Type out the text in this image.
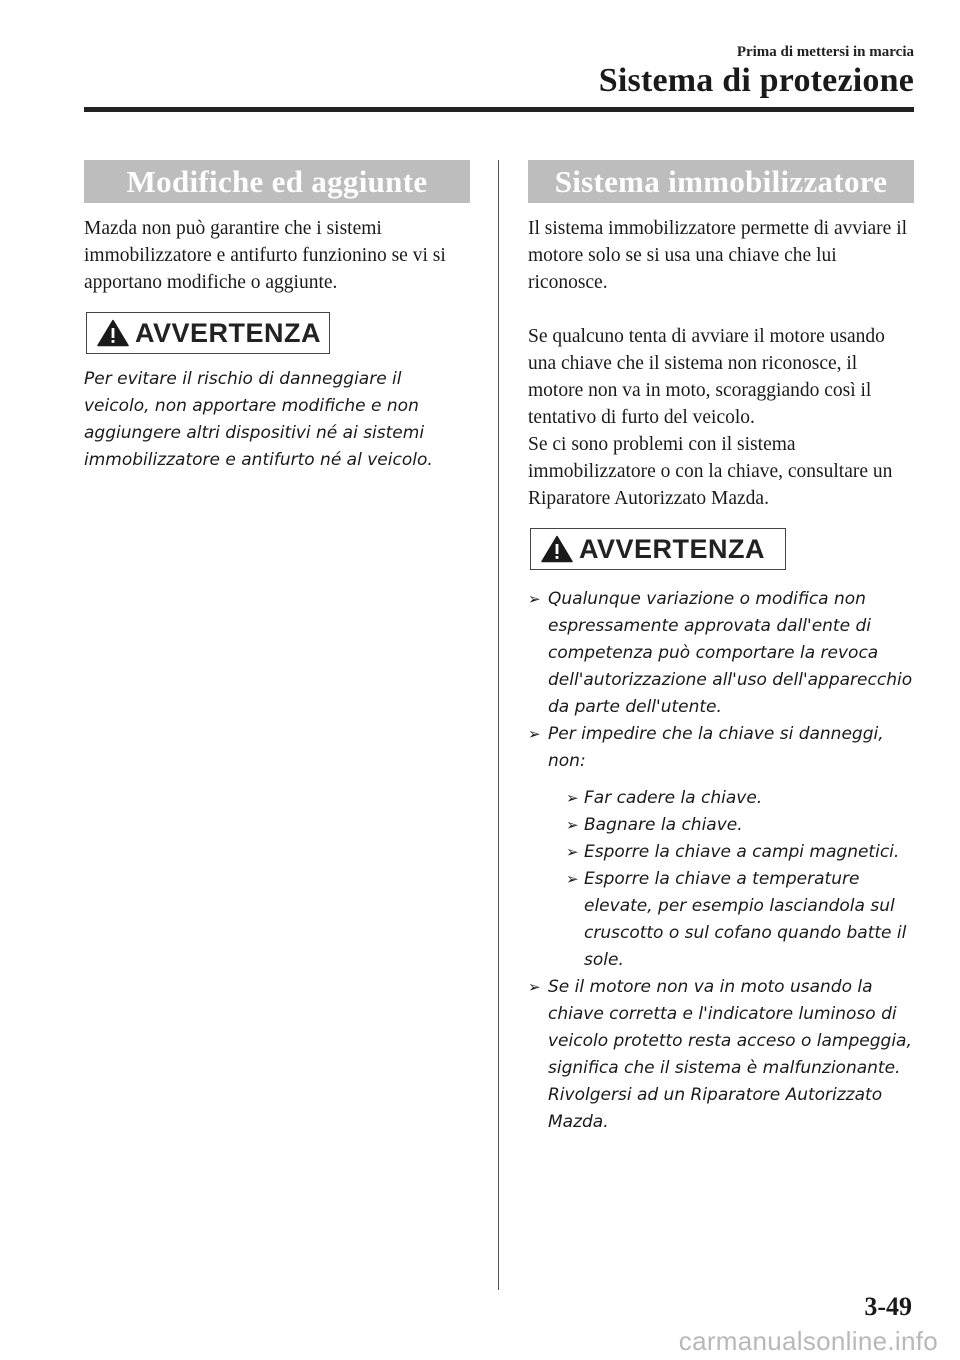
Prima di mettersi in marcia
Sistema di protezione
Modifiche ed aggiunte

Mazda non può garantire che i sistemi immobilizzatore e antifurto funzionino se vi si apportano modifiche o aggiunte.

AVVERTENZA

Per evitare il rischio di danneggiare il veicolo, non apportare modifiche e non aggiungere altri dispositivi né ai sistemi immobilizzatore e antifurto né al veicolo.

Sistema immobilizzatore

Il sistema immobilizzatore permette di avviare il motore solo se si usa una chiave che lui riconosce.

Se qualcuno tenta di avviare il motore usando una chiave che il sistema non riconosce, il motore non va in moto, scoraggiando così il tentativo di furto del veicolo.

Se ci sono problemi con il sistema immobilizzatore o con la chiave, consultare un Riparatore Autorizzato Mazda.

AVVERTENZA
➢ Qualunque variazione o modifica non espressamente approvata dall'ente di competenza può comportare la revoca dell'autorizzazione all'uso dell'apparecchio da parte dell'utente.
➢ Per impedire che la chiave si danneggi, non:
➢ Far cadere la chiave.
➢ Bagnare la chiave.
➢ Esporre la chiave a campi magnetici.
➢ Esporre la chiave a temperature elevate, per esempio lasciandola sul cruscotto o sul cofano quando batte il sole.
➢ Se il motore non va in moto usando la chiave corretta e l'indicatore luminoso di veicolo protetto resta acceso o lampeggia, significa che il sistema è malfunzionante. Rivolgersi ad un Riparatore Autorizzato Mazda.
3-49
carmanualsonline.info
